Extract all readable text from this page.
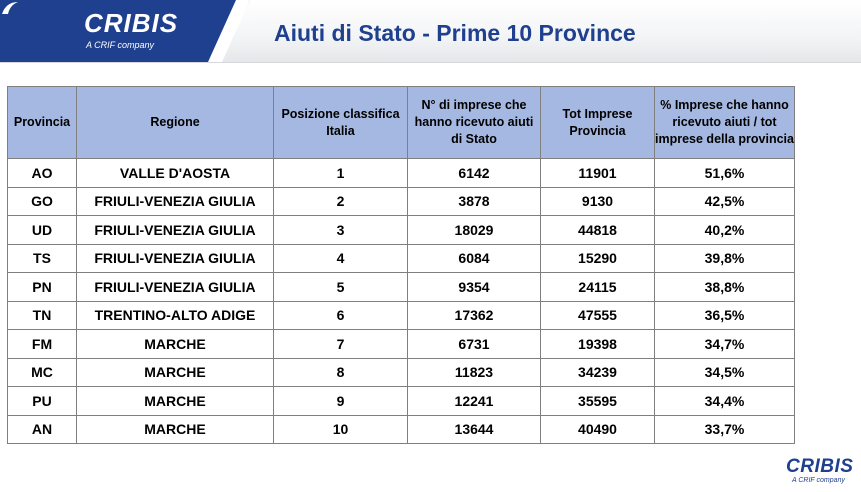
CRIBIS
A CRIF company	Aiuti di Stato - Prime 10 Province
Provincia	Regione	Posizione classifica Italia	N° di imprese che hanno ricevuto aiuti di Stato	Tot Imprese Provincia	% Imprese che hanno ricevuto aiuti / tot imprese della provincia
AO	VALLE D'AOSTA	1	6142	11901	51,6%
GO	FRIULI-VENEZIA GIULIA	2	3878	9130	42,5%
UD	FRIULI-VENEZIA GIULIA	3	18029	44818	40,2%
TS	FRIULI-VENEZIA GIULIA	4	6084	15290	39,8%
PN	FRIULI-VENEZIA GIULIA	5	9354	24115	38,8%
TN	TRENTINO-ALTO ADIGE	6	17362	47555	36,5%
FM	MARCHE	7	6731	19398	34,7%
MC	MARCHE	8	11823	34239	34,5%
PU	MARCHE	9	12241	35595	34,4%
AN	MARCHE	10	13644	40490	33,7%
CRIBIS
A CRIF company
